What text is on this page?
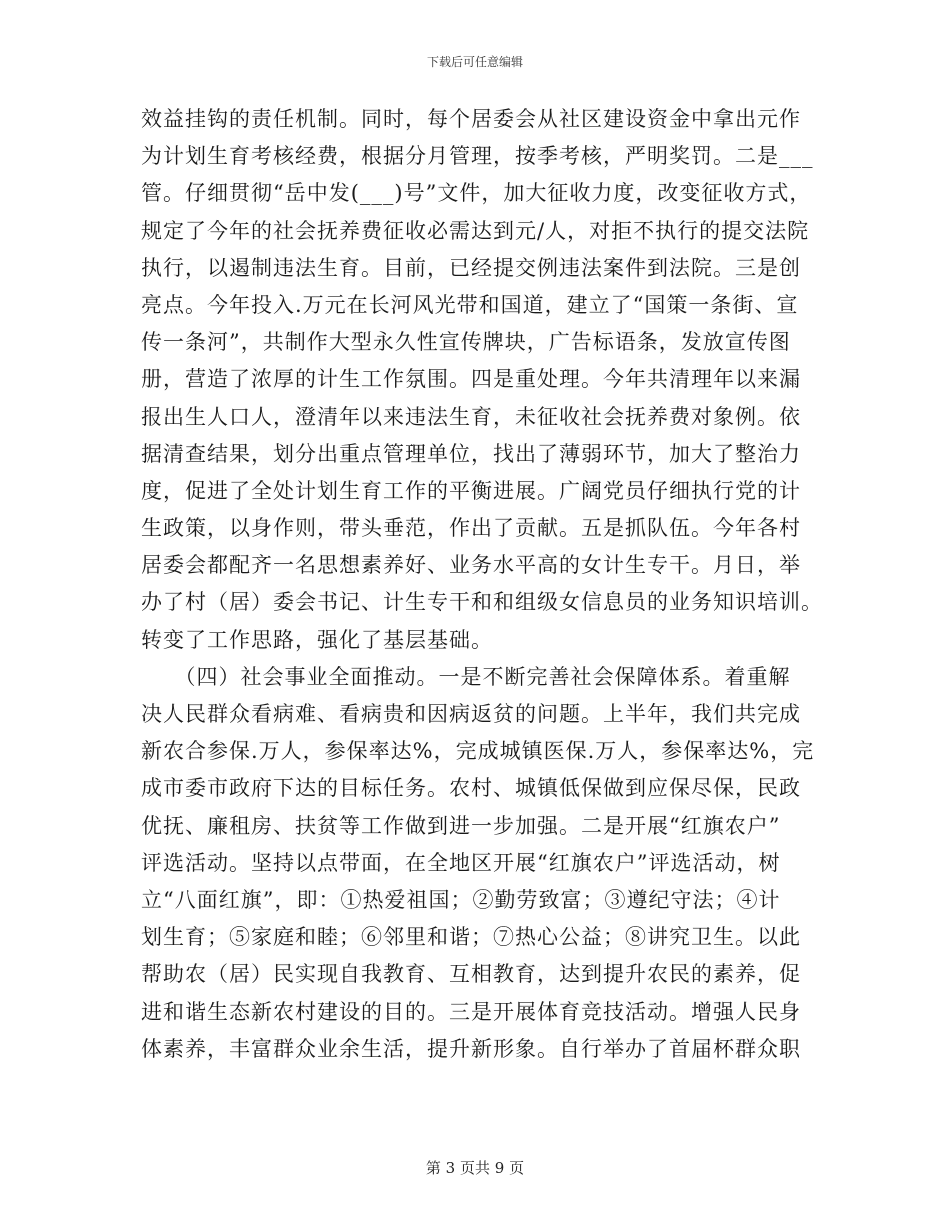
下载后可任意编辑
效益挂钩的责任机制。同时，每个居委会从社区建设资金中拿出元作
为计划生育考核经费，根据分月管理，按季考核，严明奖罚。二是___
管。仔细贯彻“岳中发(___)号”文件，加大征收力度，改变征收方式，
规定了今年的社会抚养费征收必需达到元/人，对拒不执行的提交法院
执行，以遏制违法生育。目前，已经提交例违法案件到法院。三是创
亮点。今年投入.万元在长河风光带和国道，建立了“国策一条街、宣
传一条河”，共制作大型永久性宣传牌块，广告标语条，发放宣传图
册，营造了浓厚的计生工作氛围。四是重处理。今年共清理年以来漏
报出生人口人，澄清年以来违法生育，未征收社会抚养费对象例。依
据清查结果，划分出重点管理单位，找出了薄弱环节，加大了整治力
度，促进了全处计划生育工作的平衡进展。广阔党员仔细执行党的计
生政策，以身作则，带头垂范，作出了贡献。五是抓队伍。今年各村
居委会都配齐一名思想素养好、业务水平高的女计生专干。月日，举
办了村（居）委会书记、计生专干和和组级女信息员的业务知识培训。
转变了工作思路，强化了基层基础。
　　（四）社会事业全面推动。一是不断完善社会保障体系。着重解
决人民群众看病难、看病贵和因病返贫的问题。上半年，我们共完成
新农合参保.万人，参保率达%，完成城镇医保.万人，参保率达%，完
成市委市政府下达的目标任务。农村、城镇低保做到应保尽保，民政
优抚、廉租房、扶贫等工作做到进一步加强。二是开展“红旗农户”
评选活动。坚持以点带面，在全地区开展“红旗农户”评选活动，树
立“八面红旗”，即：①热爱祖国；②勤劳致富；③遵纪守法；④计
划生育；⑤家庭和睦；⑥邻里和谐；⑦热心公益；⑧讲究卫生。以此
帮助农（居）民实现自我教育、互相教育，达到提升农民的素养，促
进和谐生态新农村建设的目的。三是开展体育竞技活动。增强人民身
体素养，丰富群众业余生活，提升新形象。自行举办了首届杯群众职
第 3 页共 9 页
